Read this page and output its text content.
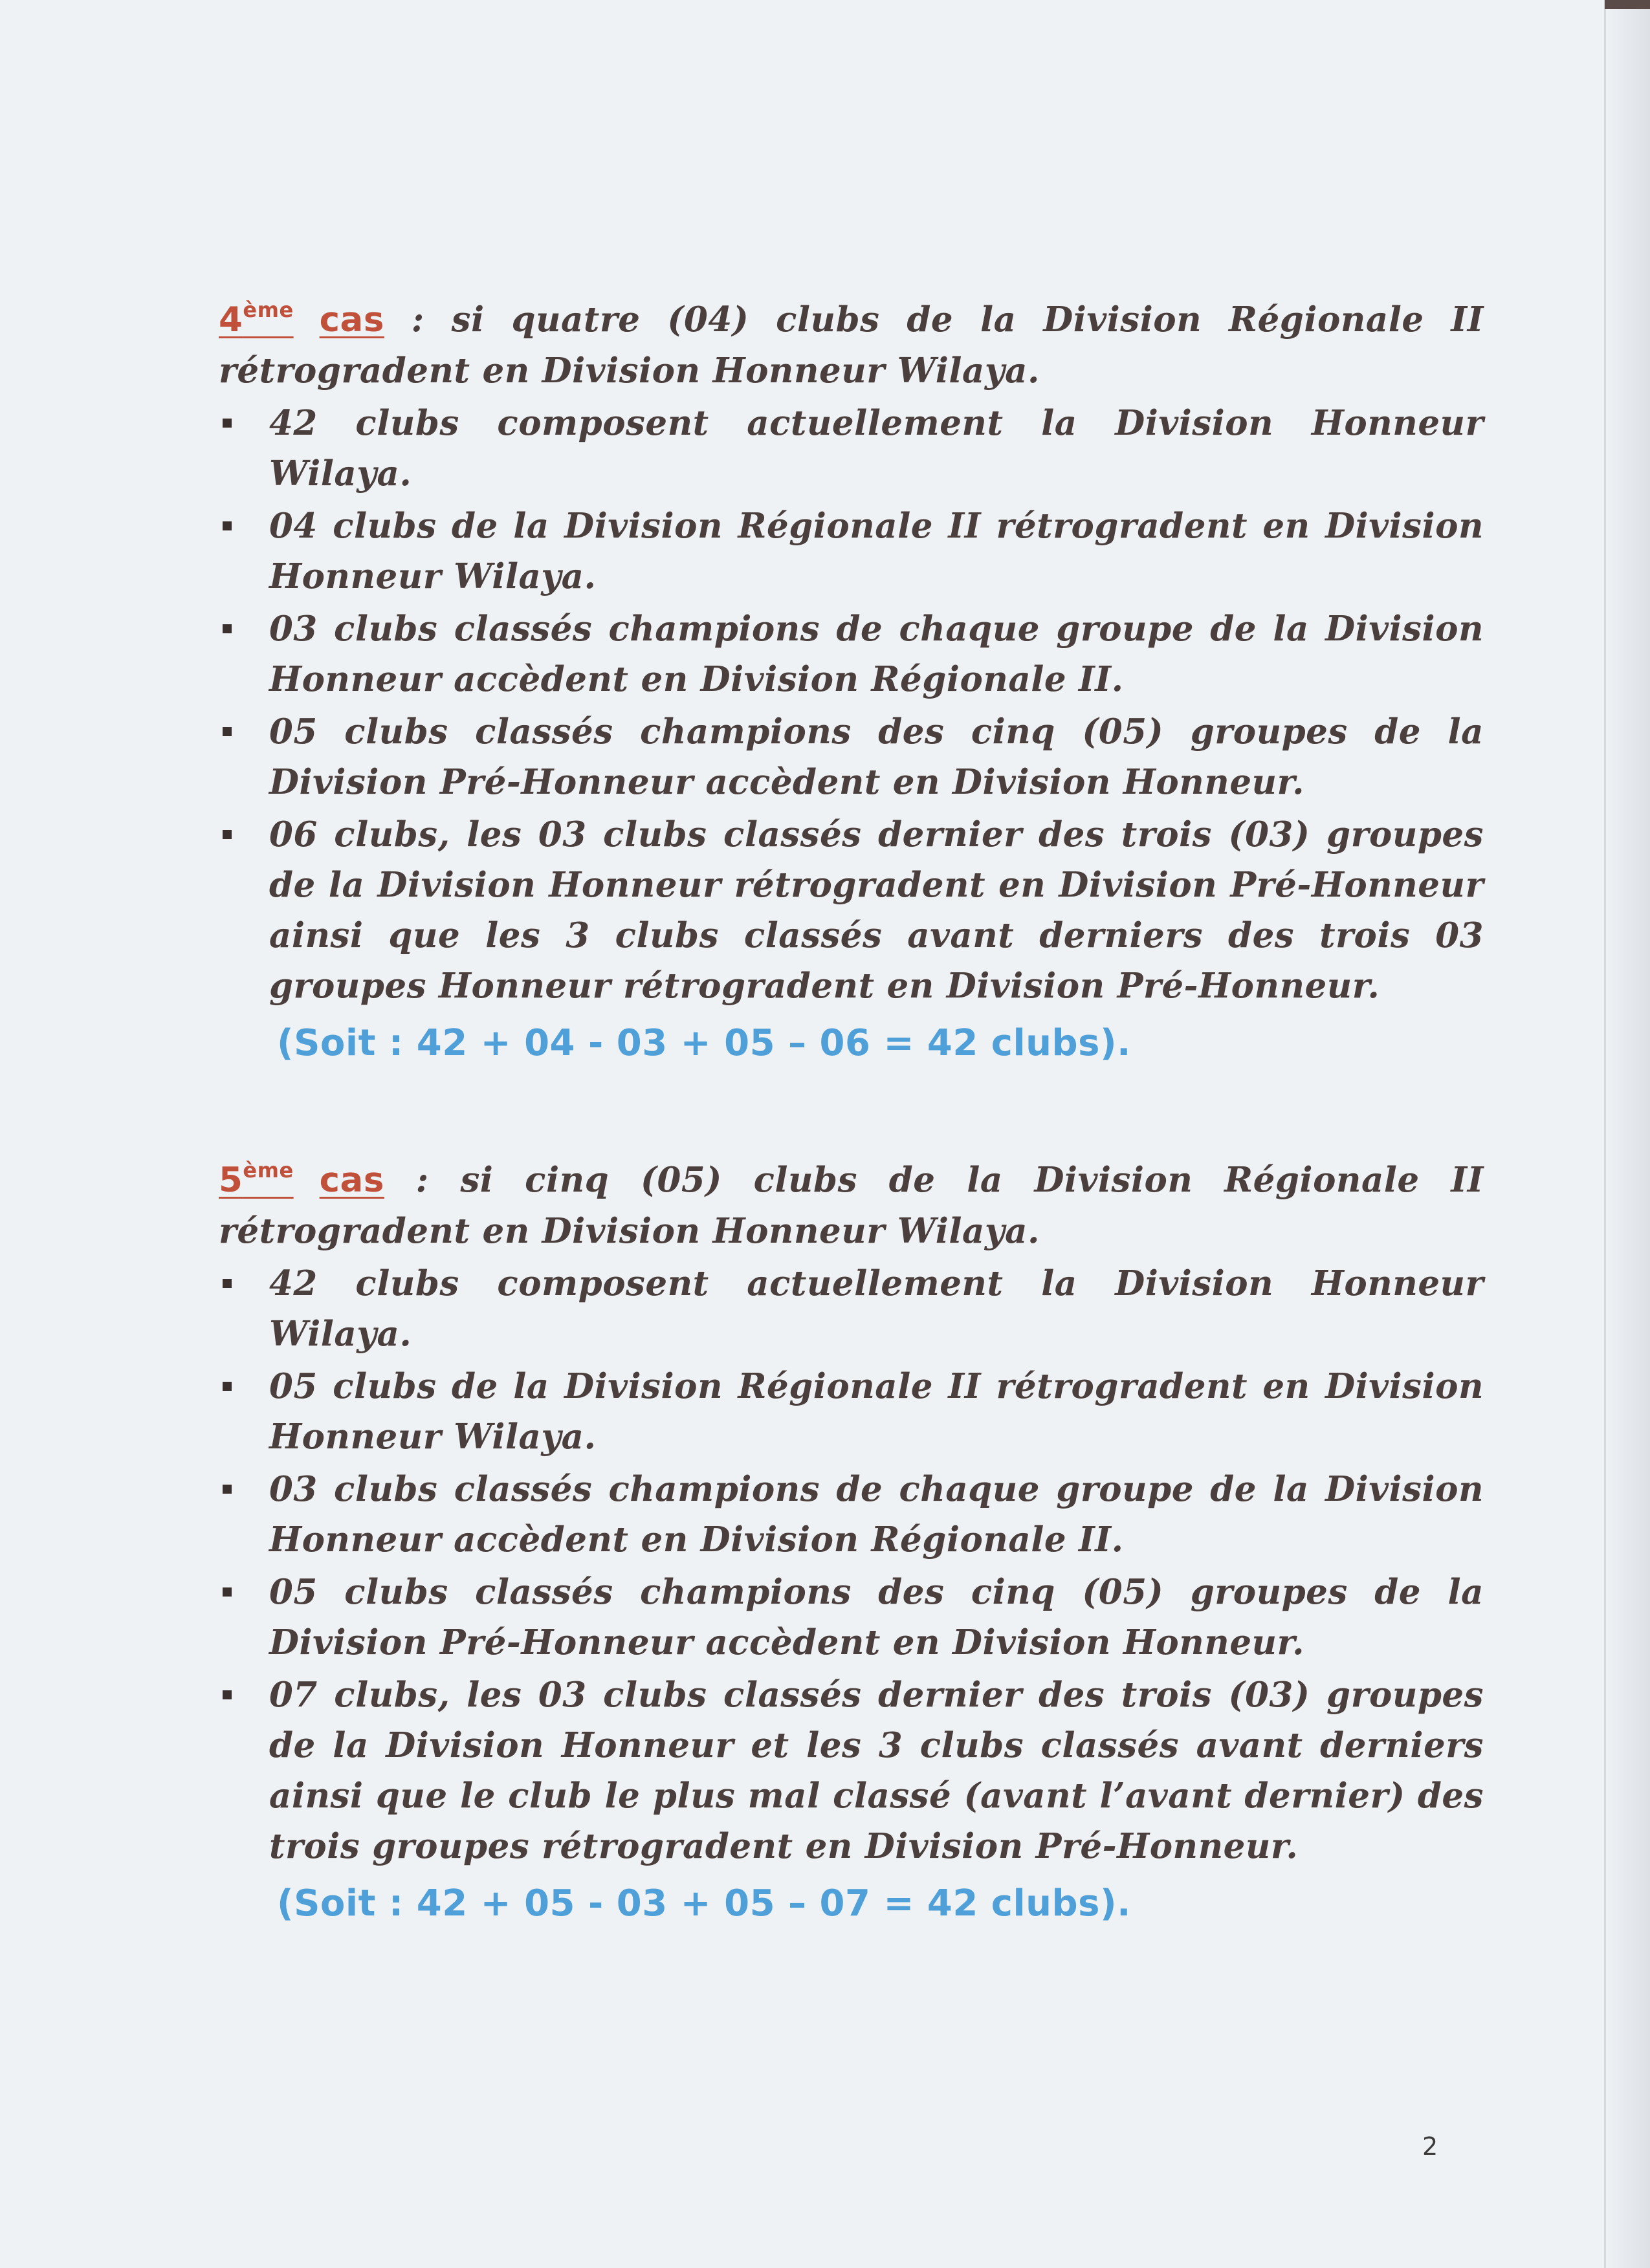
4ème cas : si quatre (04) clubs de la Division Régionale II rétrogradent en Division Honneur Wilaya.

42 clubs composent actuellement la Division Honneur Wilaya.
04 clubs de la Division Régionale II rétrogradent en Division Honneur Wilaya.
03 clubs classés champions de chaque groupe de la Division Honneur accèdent en Division Régionale II.
05 clubs classés champions des cinq (05) groupes de la Division Pré-Honneur accèdent en Division Honneur.
06 clubs, les 03 clubs classés dernier des trois (03) groupes de la Division Honneur rétrogradent en Division Pré-Honneur ainsi que les 3 clubs classés avant derniers des trois 03 groupes Honneur rétrogradent en Division Pré-Honneur.
(Soit : 42 + 04 - 03 + 05 – 06 = 42 clubs).

5ème cas : si cinq (05) clubs de la Division Régionale II rétrogradent en Division Honneur Wilaya.

42 clubs composent actuellement la Division Honneur Wilaya.
05 clubs de la Division Régionale II rétrogradent en Division Honneur Wilaya.
03 clubs classés champions de chaque groupe de la Division Honneur accèdent en Division Régionale II.
05 clubs classés champions des cinq (05) groupes de la Division Pré-Honneur accèdent en Division Honneur.
07 clubs, les 03 clubs classés dernier des trois (03) groupes de la Division Honneur et les 3 clubs classés avant derniers ainsi que le club le plus mal classé (avant l’avant dernier) des trois groupes rétrogradent en Division Pré-Honneur.
(Soit : 42 + 05 - 03 + 05 – 07 = 42 clubs).
2
